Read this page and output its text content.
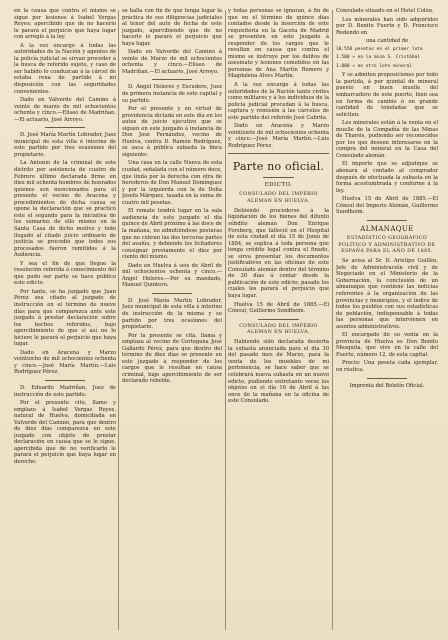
en la causa que contra el mismo se sigue por lesiones á Isabel Vergas Reyes; apercibido que de no hacerlo le parará el perjuicio que haya lugar con arreglo á la ley.

A la vez encargo á todas las autoridades de la Nación y agentes de la policía judicial se sirvan proceder á la busca de referido sujeto, y caso de ser habido lo conduzcan á la cárcel de estaba rena de partido á mi disposición con las seguridades convenientes.

Dado en Valverde del Camino á veinte de marzo de mil ochocientos ochenta y cinco.—Eliseo de Madriñan.—El actuario, José Arroyo.

D. José María Martín Lobrador, Juez municipal de esta villa é interino de este partido por tres ocasiones del propietario.

La Antonio de la criminal de este distrito por asistencia de cuatro de Febrero último declarada firme en diez mil ochenta hombres de honrados quienes son mencionados para el presente el vecino de Aracena y procedimientos de dicha causa se opone la declaración que se practicó este el segundo para la iniciativa de los sumarios de ello mismo en la Santa Casa de dicho motivo y todo llegado al citado juicio ordinario de justicia se procedió que todos sus procesados fueron remitidos á la Audiencia.

Y sea el fin de que llegue la resolución referida á conocimiento del que pudo ser parte se hace público este edicto.

Por tanto, se ha juzgado que Juan Pérez sea citado al juzgado de instrucción en el término de nueve días para que comparezca ante este juzgado á prestar declaración sobre los hechos referidos, bajo apercibimiento de que si así no lo hiciere le parará el perjuicio que haya lugar.

Dado en Aracena y Marzo veintiocho de mil ochocientos ochenta y cinco.—José María Martín.—Luis Rodríguez Pérez.

D. Eduardo Madriñan, Juez de instrucción de este partido.

Por el presente cito, llamo y emplazo á Isabel Vergas Reyes, natural de Huelva, domiciliada en Valverde del Camino, para que dentro de diez días comparezca en este juzgado con objeto de prestar declaración en causa que se le sigue, apercibida que de no verificarlo le parará el perjuicio que haya lugar en derecho.

se halla con fin de que tenga lugar la práctica de sus diligencias judiciales al tenor del auto de fecha de este juzgado, apercibiendo que de no hacerlo le parará el perjuicio que haya lugar.

Dado en Valverde del Camino á veinte de Marzo de mil ochocientos ochenta y cinco.—Eliseo de Madriñan.—El actuario, José Arroyo.

D. Ángel Heleres y Escudero, Juez de primera instancia de este capital y su partido.

Por el presente y en virtud de providencia dictada en este día en los autos de juicio ejecutivo que se siguen en este juzgado á instancia de Don José Fernández, vecino de Huelva, contra D. Ramón Rodríguez, se saca á pública subasta la finca siguiente:

Una casa en la calle Nueva de esta ciudad, señalada con el número doce, que linda por la derecha con otra de herederos de Don Manuel Domínguez y por la izquierda con la de Doña Josefa Márquez, tasada en la suma de cuatro mil pesetas.

El remate tendrá lugar en la sala audiencia de este juzgado el día quince de Abril próximo á las doce de la mañana, no admitiéndose posturas que no cubran las dos terceras partes del avalúo, y debiendo los licitadores consignar previamente el diez por ciento del mismo.

Dado en Huelva á seis de Abril de mil ochocientos ochenta y cinco.—Ángel Heleres.—Por su mandado, Manuel Quintero.

D. José María Martín Lobrador, Juez municipal de esta villa é interino de instrucción de la misma y su partido por tres ocasiones del propietario.

Por la presente se cita, llama y emplaza al vecino de Cortegana José Gallardo Pérez, para que dentro del término de diez días se presente en este juzgado á responder de los cargos que le resultan en causa criminal, bajo apercibimiento de ser declarado rebelde.

y todas personas se ignoran, á fin de que en el término de quince días contados desde la inserción de este requisitoria en la Gaceta de Madrid se presenten en este juzgado á responder de los cargos que le resultan en causa que contra el mismo se instruye por los delitos de asesinato y lesiones cometidos en las personas de Ana Martín Romero y Magdalena Alves Martín.

A la vez encargo á todas las autoridades de la Nación tanto civiles como militares y á los individuos de la policía judicial procedan á la busca, captura y remisión á las cárceles de este partido del referido José Cabrita.

Dado en Aracena y Marzo veintisiete de mil ochocientos ochenta y cinco.—José María Martín.—Luis Rodríguez Pérez.

Parte no oficial.
EDICTO.
CONSULADO DEL IMPERIO ALEMAN EN HUELVA.

Debiendo procederse á la liquidación de los bienes del difunto súbdito alemán Don Enrique Forsberg, que falleció en el Hospital de esta ciudad el día 15 de Junio de 1884, se suplica á toda persona que tenga crédito legal contra el finado, se sirva presentar los documentos justificativos en las oficinas de este Consulado alemán dentro del término de 30 días á contar desde la publicación de este edicto; pasado los cuales les parará el perjuicio que haya lugar.

Huelva 15 de Abril de 1885.—El Cónsul, Guillermo Sundheim.

CONSULADO DEL IMPERIO ALEMAN EN HUELVA.

Habiendo sido declarada desierta la subasta anunciada para el día 30 del pasado mes de Marzo, para la venta de los muebles de mi pertenencia, se hace saber que se celebrará nueva subasta en un nuevo edicto, pudiendo entretanto verse los objetos en el día 16 de Abril á las once de la mañana en la oficina de este Consulado.

Consulado situado en el Hotel Colón.

Los minerales han sido adquiridos por D. Benito Fuerte y D. Francisco Redondo en

una cantidad de

10.550 pesetas en el primer lote

1.500 » en la mina S. Cristóbal

1.000 » en otro lote mineral

Y se admiten proposiciones por todo la partida, á por quintal de mineral puesto en buen muelle del embarcadero de este puerto, bien sea en forma de cambio ó en grande cantidad de toneladas que se soliciten.

Los minerales están á la venta en el muelle de la Compañía de las Minas de Tharsis, pudiendo ser reconocidos por los que deseen interesarse en la compra del mineral en la Casa del Consulado alemán.

El importe que se adjudique se abonará al contado al comprador después de efectuada la subasta en la forma acostumbrada y conforme á la ley.

Huelva 15 de Abril de 1885.—El Cónsul del Imperio Alemán, Guillermo Sundheim.

ALMANAQUE
ESTADÍSTICO GEOGRÁFICO POLÍTICO Y ADMINISTRATIVO DE ESPAÑA PARA EL AÑO DE 1885.

Se avisa al Sr. D. Aristipo Guillén, Jefe de Administración civil y de Negociado en el Ministerio de la Gobernación, la conclusión de un almanaque que contiene las noticias referentes á la organización de las provincias y municipios, y el índice de todos los pueblos con sus estadísticas de población, indispensable á todas las personas que intervienen en asuntos administrativos.

El encargado de su venta en la provincia de Huelva es Don Benito Mesquita, que vive en la calle del Puerto, número 12, de esta capital.

Precio: Una peseta cada ejemplar, en rústica.

Imprenta del Boletín Oficial.
